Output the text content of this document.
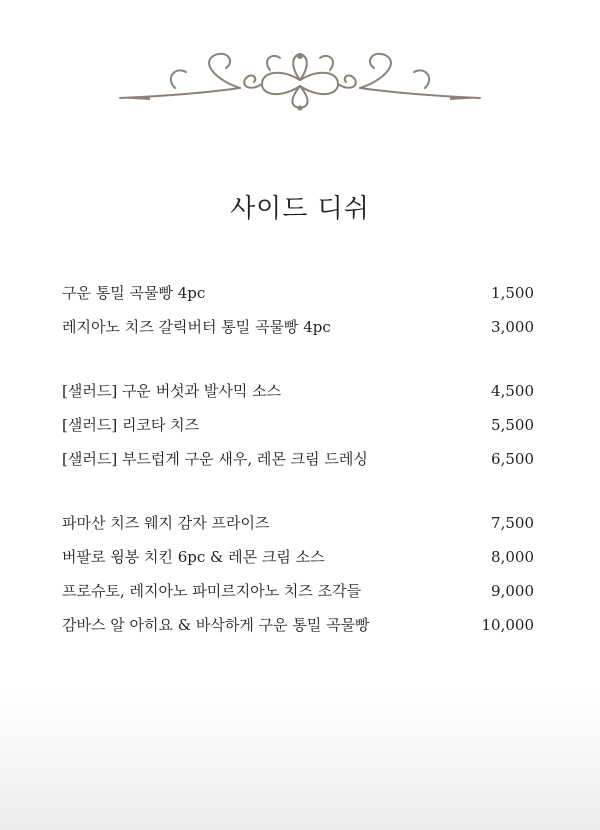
사이드 디쉬
구운 통밀 곡물빵 4pc	1,500
레지아노 치즈 갈릭버터 통밀 곡물빵 4pc	3,000
[샐러드] 구운 버섯과 발사믹 소스	4,500
[샐러드] 리코타 치즈	5,500
[샐러드] 부드럽게 구운 새우, 레몬 크림 드레싱	6,500
파마산 치즈 웨지 감자 프라이즈	7,500
버팔로 윙봉 치킨 6pc & 레몬 크림 소스	8,000
프로슈토, 레지아노 파미르지아노 치즈 조각들	9,000
감바스 알 아히요 & 바삭하게 구운 통밀 곡물빵	10,000
